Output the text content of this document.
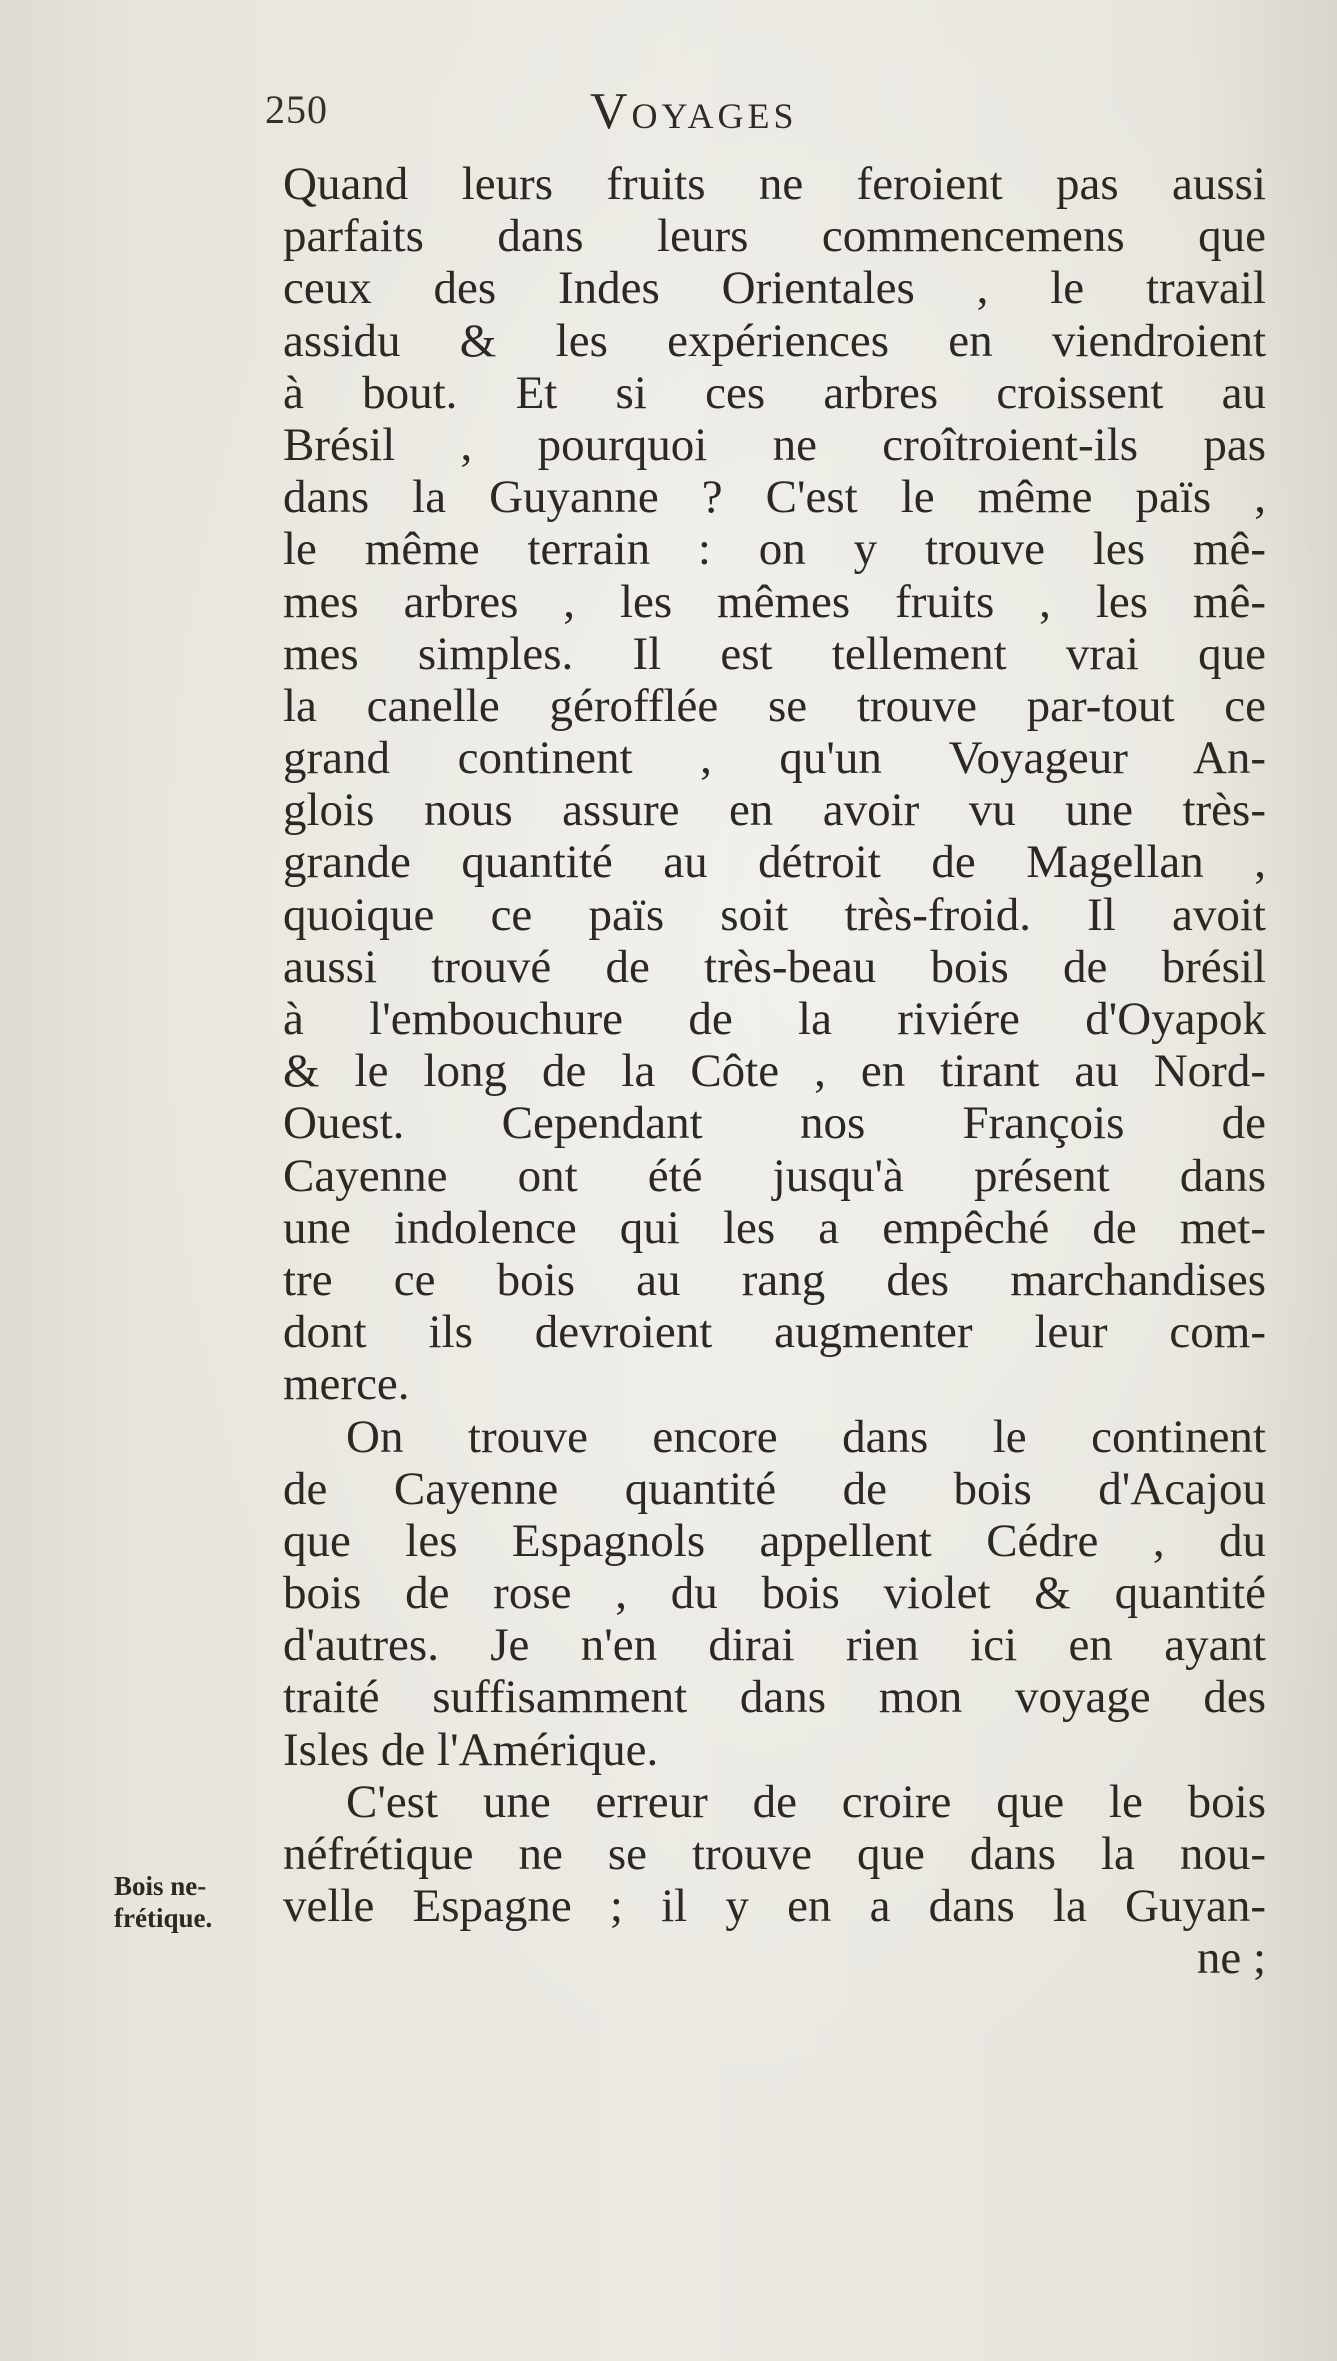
250	Voyages
Bois ne-
frétique.
Quand leurs fruits ne feroient pas aussi
parfaits dans leurs commencemens que
ceux des Indes Orientales , le travail
assidu & les expériences en viendroient
à bout. Et si ces arbres croissent au
Brésil , pourquoi ne croîtroient-ils pas
dans la Guyanne ? C'est le même païs ,
le même terrain : on y trouve les mê-
mes arbres , les mêmes fruits , les mê-
mes simples. Il est tellement vrai que
la canelle gérofflée se trouve par-tout ce
grand continent , qu'un Voyageur An-
glois nous assure en avoir vu une très-
grande quantité au détroit de Magellan ,
quoique ce païs soit très-froid. Il avoit
aussi trouvé de très-beau bois de brésil
à l'embouchure de la riviére d'Oyapok
& le long de la Côte , en tirant au Nord-
Ouest. Cependant nos François de
Cayenne ont été jusqu'à présent dans
une indolence qui les a empêché de met-
tre ce bois au rang des marchandises
dont ils devroient augmenter leur com-
merce.
On trouve encore dans le continent
de Cayenne quantité de bois d'Acajou
que les Espagnols appellent Cédre , du
bois de rose , du bois violet & quantité
d'autres. Je n'en dirai rien ici en ayant
traité suffisamment dans mon voyage des
Isles de l'Amérique.
C'est une erreur de croire que le bois
néfrétique ne se trouve que dans la nou-
velle Espagne ; il y en a dans la Guyan-
ne ;
